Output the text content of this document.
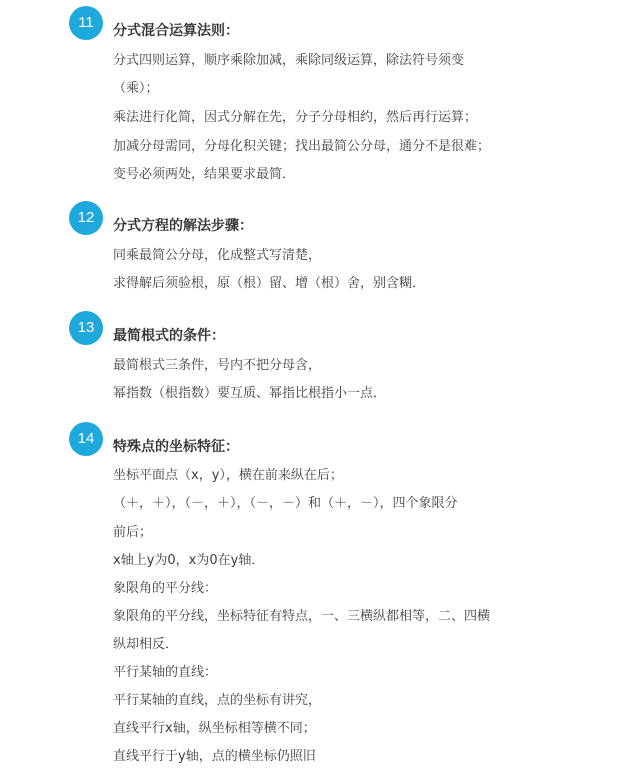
11	分式混合运算法则：
分式四则运算，顺序乘除加减，乘除同级运算，除法符号须变
（乘）；
乘法进行化简，因式分解在先，分子分母相约，然后再行运算；
加减分母需同，分母化积关键；找出最简公分母，通分不是很难；
变号必须两处，结果要求最简．
12	分式方程的解法步骤：
同乘最简公分母，化成整式写清楚，
求得解后须验根，原（根）留、增（根）舍，别含糊．
13	最简根式的条件：
最简根式三条件，号内不把分母含，
幂指数（根指数）要互质、幂指比根指小一点．
14	特殊点的坐标特征：
坐标平面点（x，y），横在前来纵在后；
（＋，＋），（－，＋），（－，－）和（＋，－），四个象限分
前后；
x轴上y为0，x为0在y轴．
象限角的平分线：
象限角的平分线，坐标特征有特点，一、三横纵都相等，二、四横
纵却相反．
平行某轴的直线：
平行某轴的直线，点的坐标有讲究，
直线平行x轴，纵坐标相等横不同；
直线平行于y轴，点的横坐标仍照旧
